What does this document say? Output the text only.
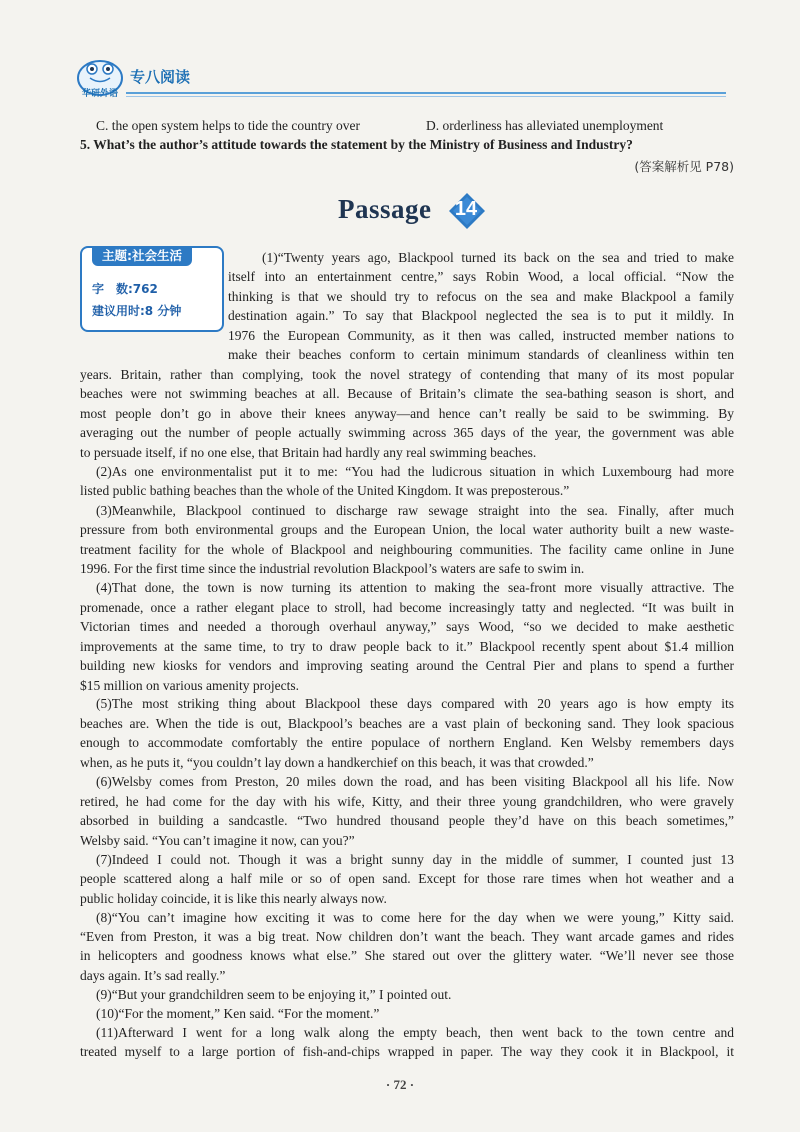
华研外语
专八阅读
C. the open system helps to tide the country over	D. orderliness has alleviated unemployment
5. What’s the author’s attitude towards the statement by the Ministry of Business and Industry?
(答案解析见 P78)
Passage	14
主题:社会生活
字　数:762
建议用时:8 分钟
(1)“Twenty years ago, Blackpool turned its back on the sea and tried to make
itself into an entertainment centre,” says Robin Wood, a local official. “Now the
thinking is that we should try to refocus on the sea and make Blackpool a family
destination again.” To say that Blackpool neglected the sea is to put it mildly. In
1976 the European Community, as it then was called, instructed member nations to
make their beaches conform to certain minimum standards of cleanliness within ten
years. Britain, rather than complying, took the novel strategy of contending that many of its most popular
beaches were not swimming beaches at all. Because of Britain’s climate the sea-bathing season is short, and
most people don’t go in above their knees anyway—and hence can’t really be said to be swimming. By
averaging out the number of people actually swimming across 365 days of the year, the government was able
to persuade itself, if no one else, that Britain had hardly any real swimming beaches.
(2)As one environmentalist put it to me: “You had the ludicrous situation in which Luxembourg had more
listed public bathing beaches than the whole of the United Kingdom. It was preposterous.”
(3)Meanwhile, Blackpool continued to discharge raw sewage straight into the sea. Finally, after much
pressure from both environmental groups and the European Union, the local water authority built a new waste-
treatment facility for the whole of Blackpool and neighbouring communities. The facility came online in June
1996. For the first time since the industrial revolution Blackpool’s waters are safe to swim in.
(4)That done, the town is now turning its attention to making the sea-front more visually attractive. The
promenade, once a rather elegant place to stroll, had become increasingly tatty and neglected. “It was built in
Victorian times and needed a thorough overhaul anyway,” says Wood, “so we decided to make aesthetic
improvements at the same time, to try to draw people back to it.” Blackpool recently spent about $1.4 million
building new kiosks for vendors and improving seating around the Central Pier and plans to spend a further
$15 million on various amenity projects.
(5)The most striking thing about Blackpool these days compared with 20 years ago is how empty its
beaches are. When the tide is out, Blackpool’s beaches are a vast plain of beckoning sand. They look spacious
enough to accommodate comfortably the entire populace of northern England. Ken Welsby remembers days
when, as he puts it, “you couldn’t lay down a handkerchief on this beach, it was that crowded.”
(6)Welsby comes from Preston, 20 miles down the road, and has been visiting Blackpool all his life. Now
retired, he had come for the day with his wife, Kitty, and their three young grandchildren, who were gravely
absorbed in building a sandcastle. “Two hundred thousand people they’d have on this beach sometimes,”
Welsby said. “You can’t imagine it now, can you?”
(7)Indeed I could not. Though it was a bright sunny day in the middle of summer, I counted just 13
people scattered along a half mile or so of open sand. Except for those rare times when hot weather and a
public holiday coincide, it is like this nearly always now.
(8)“You can’t imagine how exciting it was to come here for the day when we were young,” Kitty said.
“Even from Preston, it was a big treat. Now children don’t want the beach. They want arcade games and rides
in helicopters and goodness knows what else.” She stared out over the glittery water. “We’ll never see those
days again. It’s sad really.”
(9)“But your grandchildren seem to be enjoying it,” I pointed out.
(10)“For the moment,” Ken said. “For the moment.”
(11)Afterward I went for a long walk along the empty beach, then went back to the town centre and
treated myself to a large portion of fish-and-chips wrapped in paper. The way they cook it in Blackpool, it
· 72 ·
